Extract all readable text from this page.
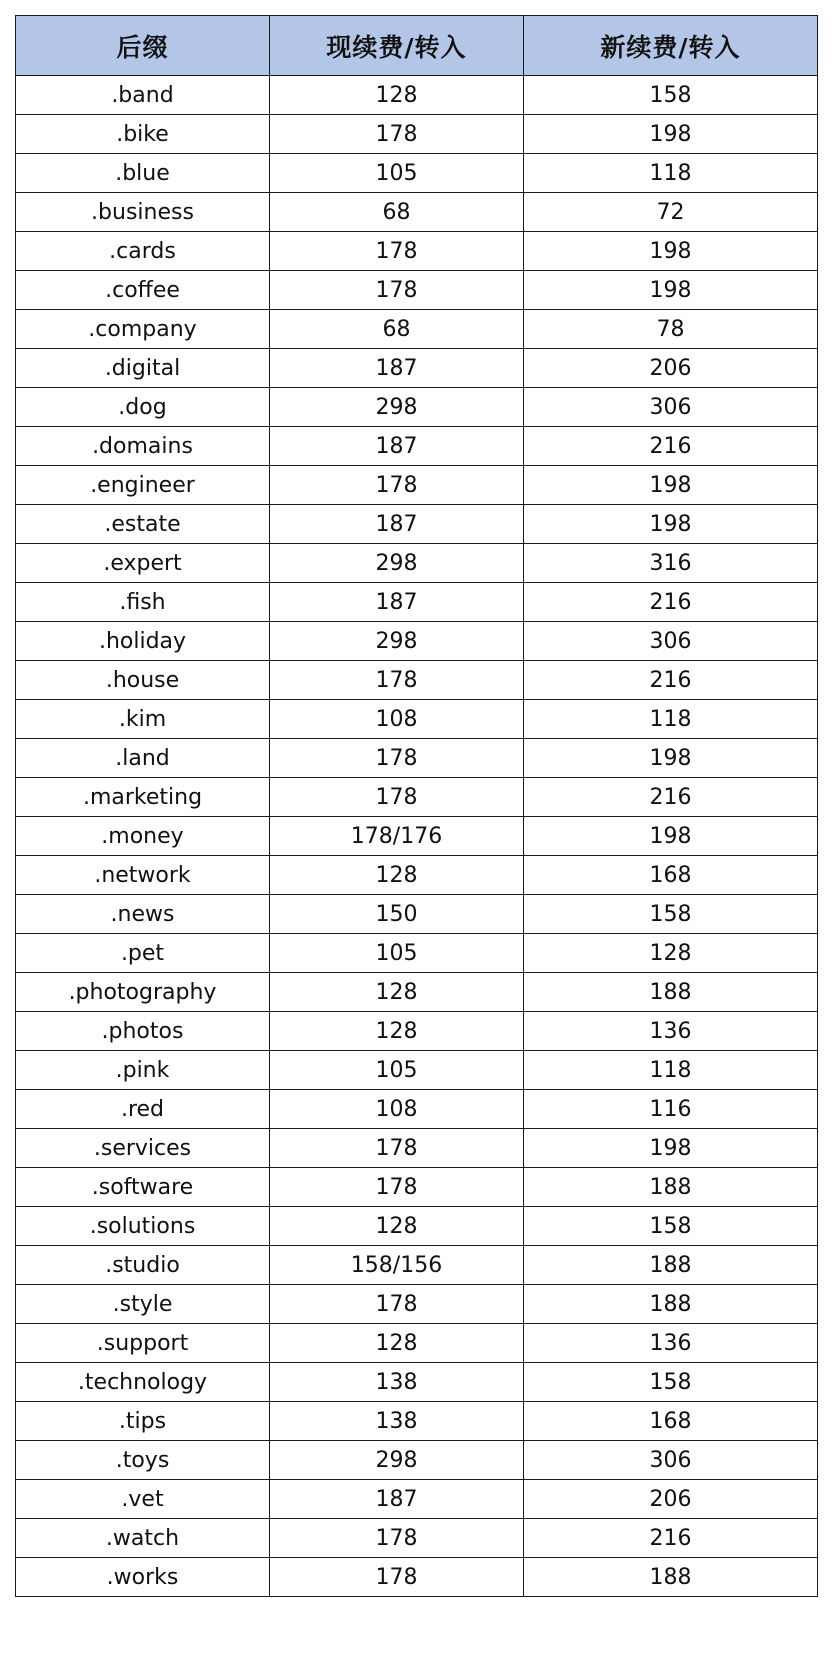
后缀	现续费/转入	新续费/转入
.band	128	158
.bike	178	198
.blue	105	118
.business	68	72
.cards	178	198
.coffee	178	198
.company	68	78
.digital	187	206
.dog	298	306
.domains	187	216
.engineer	178	198
.estate	187	198
.expert	298	316
.fish	187	216
.holiday	298	306
.house	178	216
.kim	108	118
.land	178	198
.marketing	178	216
.money	178/176	198
.network	128	168
.news	150	158
.pet	105	128
.photography	128	188
.photos	128	136
.pink	105	118
.red	108	116
.services	178	198
.software	178	188
.solutions	128	158
.studio	158/156	188
.style	178	188
.support	128	136
.technology	138	158
.tips	138	168
.toys	298	306
.vet	187	206
.watch	178	216
.works	178	188
